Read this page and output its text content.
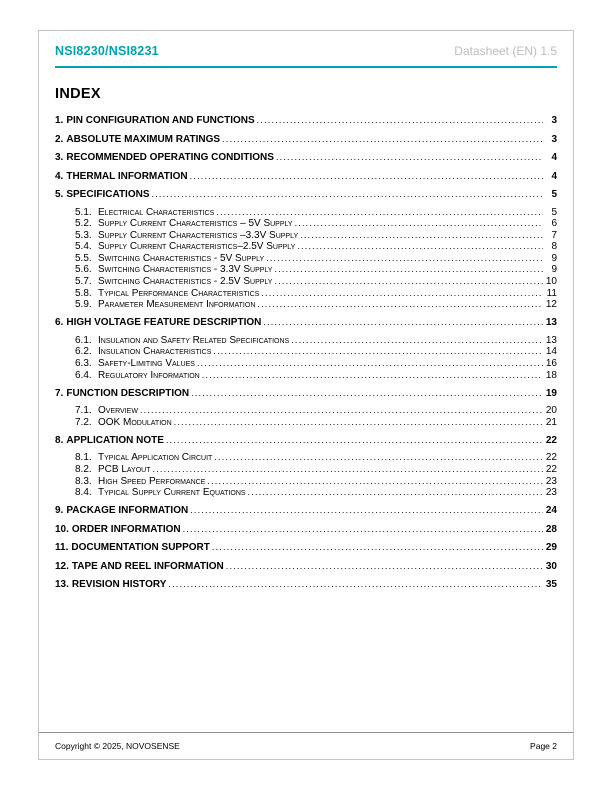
NSI8230/NSI8231	Datasheet (EN) 1.5
INDEX
1. PIN CONFIGURATION AND FUNCTIONS .....	3
2. ABSOLUTE MAXIMUM RATINGS .....	3
3. RECOMMENDED OPERATING CONDITIONS .....	4
4. THERMAL INFORMATION .....	4
5. SPECIFICATIONS .....	5
5.1. Electrical Characteristics .....	5
5.2. Supply Current Characteristics – 5V Supply .....	6
5.3. Supply Current Characteristics –3.3V Supply .....	7
5.4. Supply Current Characteristics–2.5V Supply .....	8
5.5. Switching Characteristics - 5V Supply .....	9
5.6. Switching Characteristics - 3.3V Supply .....	9
5.7. Switching Characteristics - 2.5V Supply .....	10
5.8. Typical Performance Characteristics .....	11
5.9. Parameter Measurement Information .....	12
6. HIGH VOLTAGE FEATURE DESCRIPTION .....	13
6.1. Insulation and Safety Related Specifications .....	13
6.2. Insulation Characteristics .....	14
6.3. Safety-Limiting Values .....	16
6.4. Regulatory Information .....	18
7. FUNCTION DESCRIPTION .....	19
7.1. Overview .....	20
7.2. OOK Modulation .....	21
8. APPLICATION NOTE .....	22
8.1. Typical Application Circuit .....	22
8.2. PCB Layout .....	22
8.3. High Speed Performance .....	23
8.4. Typical Supply Current Equations .....	23
9. PACKAGE INFORMATION .....	24
10. ORDER INFORMATION .....	28
11. DOCUMENTATION SUPPORT .....	29
12. TAPE AND REEL INFORMATION .....	30
13. REVISION HISTORY .....	35
Copyright © 2025, NOVOSENSE	Page 2
